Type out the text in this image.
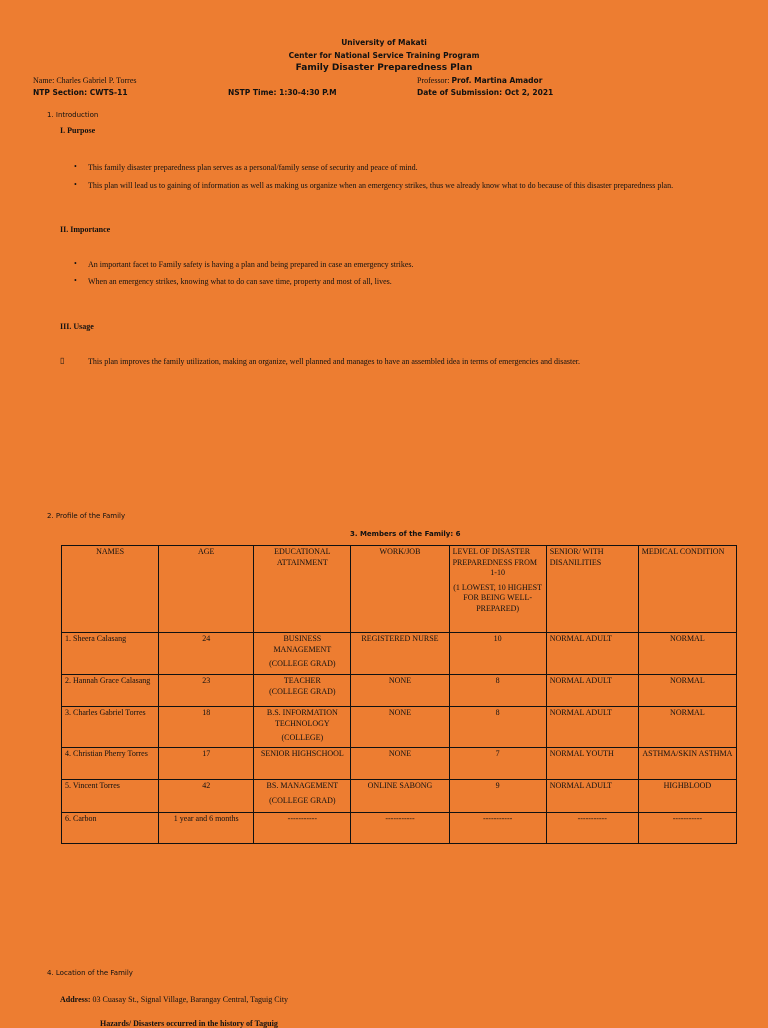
University of Makati
Center for National Service Training Program
Family Disaster Preparedness Plan
Name: Charles Gabriel P. Torres	Professor: Prof. Martina Amador
NTP Section: CWTS-11	NSTP Time: 1:30-4:30 P.M	Date of Submission: Oct 2, 2021
1. Introduction
I. Purpose
• This family disaster preparedness plan serves as a personal/family sense of security and peace of mind.
• This plan will lead us to gaining of information as well as making us organize when an emergency strikes, thus we already know what to do because of this disaster preparedness plan.
II. Importance
• An important facet to Family safety is having a plan and being prepared in case an emergency strikes.
• When an emergency strikes, knowing what to do can save time, property and most of all, lives.
III. Usage
▯	This plan improves the family utilization, making an organize, well planned and manages to have an assembled idea in terms of emergencies and disaster.
2. Profile of the Family
3. Members of the Family: 6
NAMES	AGE	EDUCATIONAL ATTAINMENT	WORK/JOB	LEVEL OF DISASTER PREPAREDNESS FROM
1-10
(1 LOWEST, 10 HIGHEST FOR BEING WELL-PREPARED)	SENIOR/ WITH DISANILITIES	MEDICAL CONDITION
1. Sheera Calasang	24	BUSINESS MANAGEMENT
(COLLEGE GRAD)	REGISTERED NURSE	10	NORMAL ADULT	NORMAL
2. Hannah Grace Calasang	23	TEACHER
(COLLEGE GRAD)	NONE	8	NORMAL ADULT	NORMAL
3. Charles Gabriel Torres	18	B.S. INFORMATION TECHNOLOGY
(COLLEGE)	NONE	8	NORMAL ADULT	NORMAL
4. Christian Pherry Torres	17	SENIOR HIGHSCHOOL	NONE	7	NORMAL YOUTH	ASTHMA/SKIN ASTHMA
5. Vincent Torres	42	BS. MANAGEMENT
(COLLEGE GRAD)	ONLINE SABONG	9	NORMAL ADULT	HIGHBLOOD
6. Carbon	1 year and 6 months	-----------	-----------	-----------	-----------	-----------
4. Location of the Family
Address: 03 Cuasay St., Signal Village, Barangay Central, Taguig City
Hazards/ Disasters occurred in the history of Taguig
